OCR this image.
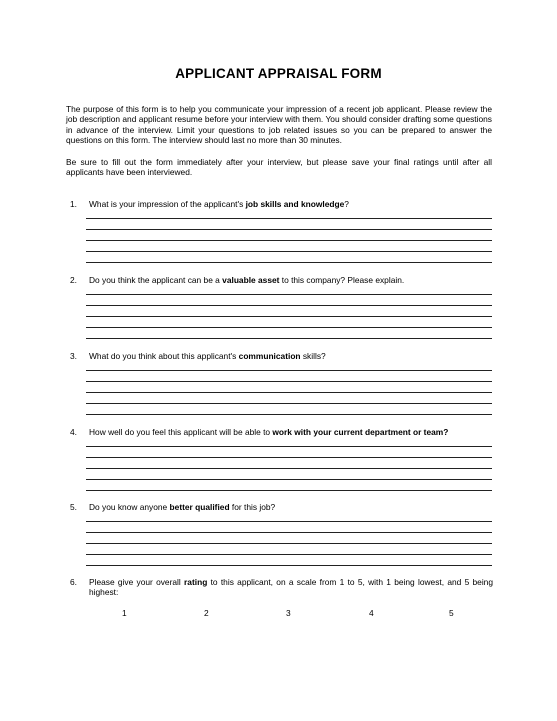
APPLICANT APPRAISAL FORM
The purpose of this form is to help you communicate your impression of a recent job applicant. Please review the job description and applicant resume before your interview with them. You should consider drafting some questions in advance of the interview. Limit your questions to job related issues so you can be prepared to answer the questions on this form. The interview should last no more than 30 minutes.
Be sure to fill out the form immediately after your interview, but please save your final ratings until after all applicants have been interviewed.
1. What is your impression of the applicant's job skills and knowledge?
2. Do you think the applicant can be a valuable asset to this company? Please explain.
3. What do you think about this applicant's communication skills?
4. How well do you feel this applicant will be able to work with your current department or team?
5. Do you know anyone better qualified for this job?
6. Please give your overall rating to this applicant, on a scale from 1 to 5, with 1 being lowest, and 5 being highest:
1	2	3	4	5
